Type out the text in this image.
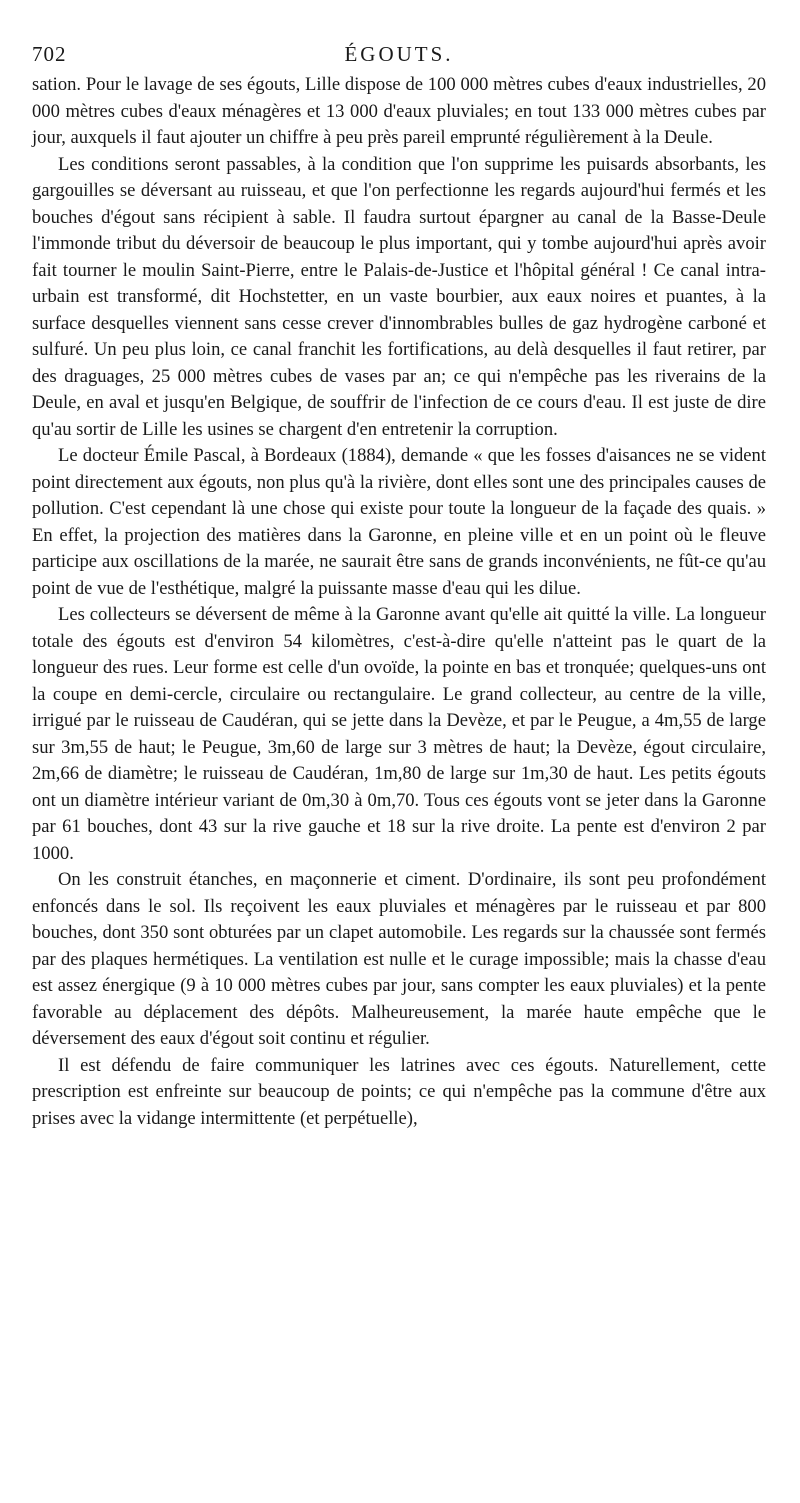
702	ÉGOUTS.

sation. Pour le lavage de ses égouts, Lille dispose de 100 000 mètres cubes d'eaux industrielles, 20 000 mètres cubes d'eaux ménagères et 13 000 d'eaux pluviales; en tout 133 000 mètres cubes par jour, auxquels il faut ajouter un chiffre à peu près pareil emprunté régulièrement à la Deule.

Les conditions seront passables, à la condition que l'on supprime les puisards absorbants, les gargouilles se déversant au ruisseau, et que l'on perfectionne les regards aujourd'hui fermés et les bouches d'égout sans récipient à sable. Il faudra surtout épargner au canal de la Basse-Deule l'immonde tribut du déversoir de beaucoup le plus important, qui y tombe aujourd'hui après avoir fait tourner le moulin Saint-Pierre, entre le Palais-de-Justice et l'hôpital général ! Ce canal intra-urbain est transformé, dit Hochstetter, en un vaste bourbier, aux eaux noires et puantes, à la surface desquelles viennent sans cesse crever d'innombrables bulles de gaz hydrogène carboné et sulfuré. Un peu plus loin, ce canal franchit les fortifications, au delà desquelles il faut retirer, par des draguages, 25 000 mètres cubes de vases par an; ce qui n'empêche pas les riverains de la Deule, en aval et jusqu'en Belgique, de souffrir de l'infection de ce cours d'eau. Il est juste de dire qu'au sortir de Lille les usines se chargent d'en entretenir la corruption.

Le docteur Émile Pascal, à Bordeaux (1884), demande « que les fosses d'aisances ne se vident point directement aux égouts, non plus qu'à la rivière, dont elles sont une des principales causes de pollution. C'est cependant là une chose qui existe pour toute la longueur de la façade des quais. » En effet, la projection des matières dans la Garonne, en pleine ville et en un point où le fleuve participe aux oscillations de la marée, ne saurait être sans de grands inconvénients, ne fût-ce qu'au point de vue de l'esthétique, malgré la puissante masse d'eau qui les dilue.

Les collecteurs se déversent de même à la Garonne avant qu'elle ait quitté la ville. La longueur totale des égouts est d'environ 54 kilomètres, c'est-à-dire qu'elle n'atteint pas le quart de la longueur des rues. Leur forme est celle d'un ovoïde, la pointe en bas et tronquée; quelques-uns ont la coupe en demi-cercle, circulaire ou rectangulaire. Le grand collecteur, au centre de la ville, irrigué par le ruisseau de Caudéran, qui se jette dans la Devèze, et par le Peugue, a 4m,55 de large sur 3m,55 de haut; le Peugue, 3m,60 de large sur 3 mètres de haut; la Devèze, égout circulaire, 2m,66 de diamètre; le ruisseau de Caudéran, 1m,80 de large sur 1m,30 de haut. Les petits égouts ont un diamètre intérieur variant de 0m,30 à 0m,70. Tous ces égouts vont se jeter dans la Garonne par 61 bouches, dont 43 sur la rive gauche et 18 sur la rive droite. La pente est d'environ 2 par 1000.

On les construit étanches, en maçonnerie et ciment. D'ordinaire, ils sont peu profondément enfoncés dans le sol. Ils reçoivent les eaux pluviales et ménagères par le ruisseau et par 800 bouches, dont 350 sont obturées par un clapet automobile. Les regards sur la chaussée sont fermés par des plaques hermétiques. La ventilation est nulle et le curage impossible; mais la chasse d'eau est assez énergique (9 à 10 000 mètres cubes par jour, sans compter les eaux pluviales) et la pente favorable au déplacement des dépôts. Malheureusement, la marée haute empêche que le déversement des eaux d'égout soit continu et régulier.

Il est défendu de faire communiquer les latrines avec ces égouts. Naturellement, cette prescription est enfreinte sur beaucoup de points; ce qui n'empêche pas la commune d'être aux prises avec la vidange intermittente (et perpétuelle),
